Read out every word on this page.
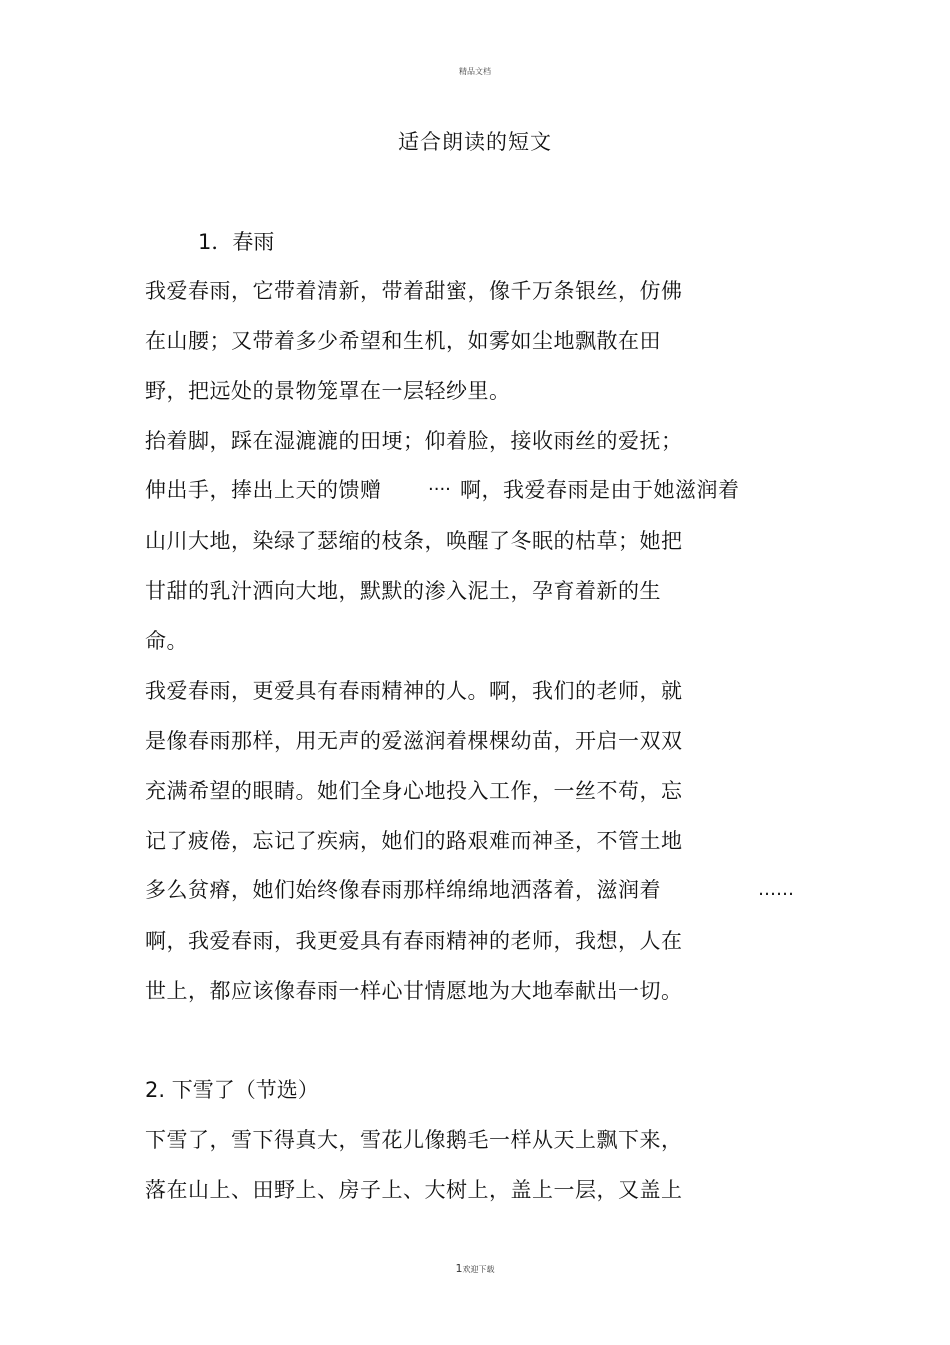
精品文档
适合朗读的短文
1．春雨
我爱春雨，它带着清新，带着甜蜜，像千万条银丝，仿佛
在山腰；又带着多少希望和生机，如雾如尘地飘散在田
野，把远处的景物笼罩在一层轻纱里。
抬着脚，踩在湿漉漉的田埂；仰着脸，接收雨丝的爱抚；
伸出手，捧出上天的馈赠	···· 啊，我爱春雨是由于她滋润着
山川大地，染绿了瑟缩的枝条，唤醒了冬眠的枯草；她把
甘甜的乳汁洒向大地，默默的渗入泥土，孕育着新的生
命。
我爱春雨，更爱具有春雨精神的人。啊，我们的老师，就
是像春雨那样，用无声的爱滋润着棵棵幼苗，开启一双双
充满希望的眼睛。她们全身心地投入工作，一丝不苟，忘
记了疲倦，忘记了疾病，她们的路艰难而神圣，不管土地
多么贫瘠，她们始终像春雨那样绵绵地洒落着，滋润着	……
啊，我爱春雨，我更爱具有春雨精神的老师，我想，人在
世上，都应该像春雨一样心甘情愿地为大地奉献出一切。
2. 下雪了（节选）
下雪了，雪下得真大，雪花儿像鹅毛一样从天上飘下来，
落在山上、田野上、房子上、大树上，盖上一层，又盖上
1欢迎下载
